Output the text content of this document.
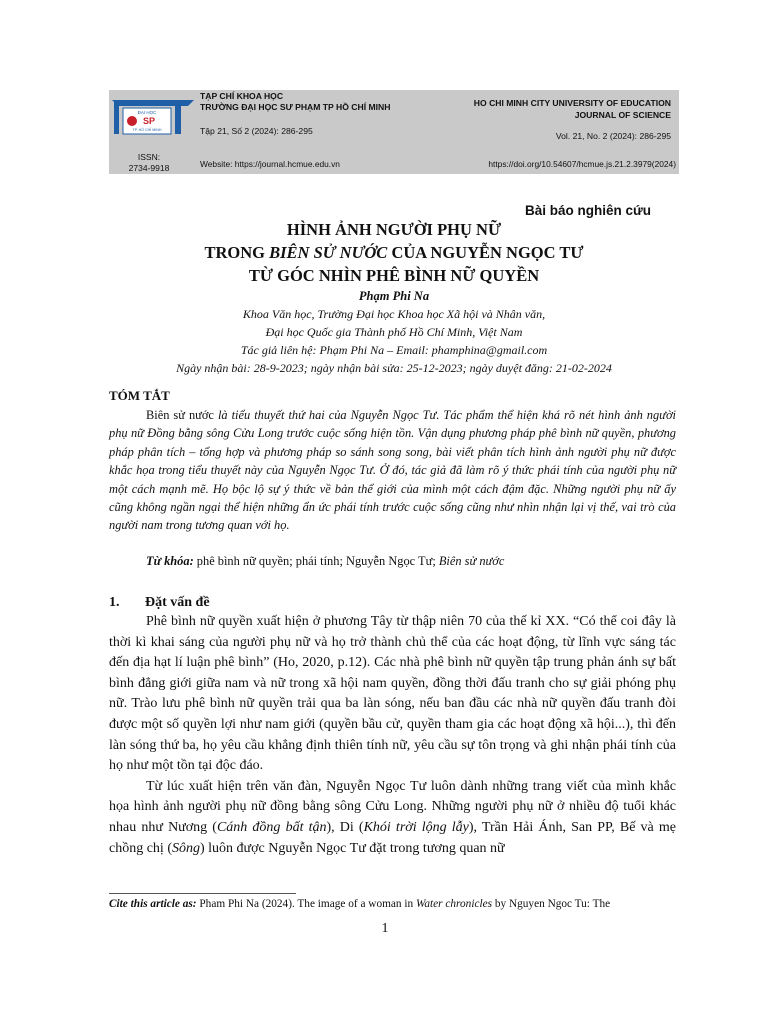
ĐẠI HỌC
SP
TP. HỒ CHÍ MINH
TẠP CHÍ KHOA HỌC
TRƯỜNG ĐẠI HỌC SƯ PHẠM TP HỒ CHÍ MINH
Tập 21, Số 2 (2024): 286-295
ISSN:
2734-9918	Website: https://journal.hcmue.edu.vn
HO CHI MINH CITY UNIVERSITY OF EDUCATION
JOURNAL OF SCIENCE
Vol. 21, No. 2 (2024): 286-295
https://doi.org/10.54607/hcmue.js.21.2.3979(2024)
Bài báo nghiên cứu
HÌNH ẢNH NGƯỜI PHỤ NỮ
TRONG BIÊN SỬ NƯỚC CỦA NGUYỄN NGỌC TƯ
TỪ GÓC NHÌN PHÊ BÌNH NỮ QUYỀN
Phạm Phi Na
Khoa Văn học, Trường Đại học Khoa học Xã hội và Nhân văn,
Đại học Quốc gia Thành phố Hồ Chí Minh, Việt Nam
Tác giả liên hệ: Phạm Phi Na – Email: phamphina@gmail.com
Ngày nhận bài: 28-9-2023; ngày nhận bài sửa: 25-12-2023; ngày duyệt đăng: 21-02-2024
TÓM TẮT
Biên sử nước là tiểu thuyết thứ hai của Nguyễn Ngọc Tư. Tác phẩm thể hiện khá rõ nét hình ảnh người phụ nữ Đồng bằng sông Cửu Long trước cuộc sống hiện tồn. Vận dụng phương pháp phê bình nữ quyền, phương pháp phân tích – tổng hợp và phương pháp so sánh song song, bài viết phân tích hình ảnh người phụ nữ được khắc họa trong tiểu thuyết này của Nguyễn Ngọc Tư. Ở đó, tác giả đã làm rõ ý thức phái tính của người phụ nữ một cách mạnh mẽ. Họ bộc lộ sự ý thức về bản thể giới của mình một cách đậm đặc. Những người phụ nữ ấy cũng không ngần ngại thể hiện những ẩn ức phái tính trước cuộc sống cũng như nhìn nhận lại vị thế, vai trò của người nam trong tương quan với họ.
Từ khóa: phê bình nữ quyền; phái tính; Nguyễn Ngọc Tư; Biên sử nước
1. Đặt vấn đề

Phê bình nữ quyền xuất hiện ở phương Tây từ thập niên 70 của thế kỉ XX. “Có thể coi đây là thời kì khai sáng của người phụ nữ và họ trở thành chủ thể của các hoạt động, từ lĩnh vực sáng tác đến địa hạt lí luận phê bình” (Ho, 2020, p.12). Các nhà phê bình nữ quyền tập trung phản ánh sự bất bình đẳng giới giữa nam và nữ trong xã hội nam quyền, đồng thời đấu tranh cho sự giải phóng phụ nữ. Trào lưu phê bình nữ quyền trải qua ba làn sóng, nếu ban đầu các nhà nữ quyền đấu tranh đòi được một số quyền lợi như nam giới (quyền bầu cử, quyền tham gia các hoạt động xã hội...), thì đến làn sóng thứ ba, họ yêu cầu khẳng định thiên tính nữ, yêu cầu sự tôn trọng và ghi nhận phái tính của họ như một tồn tại độc đáo.

Từ lúc xuất hiện trên văn đàn, Nguyễn Ngọc Tư luôn dành những trang viết của mình khắc họa hình ảnh người phụ nữ đồng bằng sông Cửu Long. Những người phụ nữ ở nhiều độ tuổi khác nhau như Nương (Cánh đồng bất tận), Di (Khói trời lộng lẫy), Trần Hải Ánh, San PP, Bế và mẹ chồng chị (Sông) luôn được Nguyễn Ngọc Tư đặt trong tương quan nữ

Cite this article as: Pham Phi Na (2024). The image of a woman in Water chronicles by Nguyen Ngoc Tu: The
1
